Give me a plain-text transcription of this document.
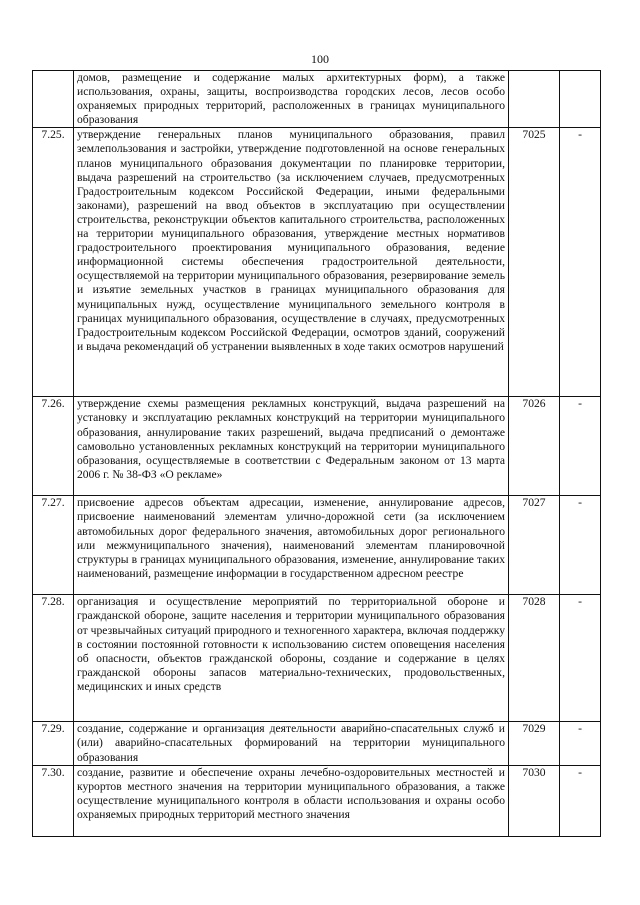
100
	домов, размещение и содержание малых архитектурных форм), а также использования, охраны, защиты, воспроизводства городских лесов, лесов особо охраняемых природных территорий, расположенных в границах муниципального образования		
7.25.	утверждение генеральных планов муниципального образования, правил землепользования и застройки, утверждение подготовленной на основе генеральных планов муниципального образования документации по планировке территории, выдача разрешений на строительство (за исключением случаев, предусмотренных Градостроительным кодексом Российской Федерации, иными федеральными законами), разрешений на ввод объектов в эксплуатацию при осуществлении строительства, реконструкции объектов капитального строительства, расположенных на территории муниципального образования, утверждение местных нормативов градостроительного проектирования муниципального образования, ведение информационной системы обеспечения градостроительной деятельности, осуществляемой на территории муниципального образования, резервирование земель и изъятие земельных участков в границах муниципального образования для муниципальных нужд, осуществление муниципального земельного контроля в границах муниципального образования, осуществление в случаях, предусмотренных Градостроительным кодексом Российской Федерации, осмотров зданий, сооружений и выдача рекомендаций об устранении выявленных в ходе таких осмотров нарушений	7025	-
7.26.	утверждение схемы размещения рекламных конструкций, выдача разрешений на установку и эксплуатацию рекламных конструкций на территории муниципального образования, аннулирование таких разрешений, выдача предписаний о демонтаже самовольно установленных рекламных конструкций на территории муниципального образования, осуществляемые в соответствии с Федеральным законом от 13 марта 2006 г. № 38-ФЗ «О рекламе»	7026	-
7.27.	присвоение адресов объектам адресации, изменение, аннулирование адресов, присвоение наименований элементам улично-дорожной сети (за исключением автомобильных дорог федерального значения, автомобильных дорог регионального или межмуниципального значения), наименований элементам планировочной структуры в границах муниципального образования, изменение, аннулирование таких наименований, размещение информации в государственном адресном реестре	7027	-
7.28.	организация и осуществление мероприятий по территориальной обороне и гражданской обороне, защите населения и территории муниципального образования от чрезвычайных ситуаций природного и техногенного характера, включая поддержку в состоянии постоянной готовности к использованию систем оповещения населения об опасности, объектов гражданской обороны, создание и содержание в целях гражданской обороны запасов материально-технических, продовольственных, медицинских и иных средств	7028	-
7.29.	создание, содержание и организация деятельности аварийно-спасательных служб и (или) аварийно-спасательных формирований на территории муниципального образования	7029	-
7.30.	создание, развитие и обеспечение охраны лечебно-оздоровительных местностей и курортов местного значения на территории муниципального образования, а также осуществление муниципального контроля в области использования и охраны особо охраняемых природных территорий местного значения	7030	-
